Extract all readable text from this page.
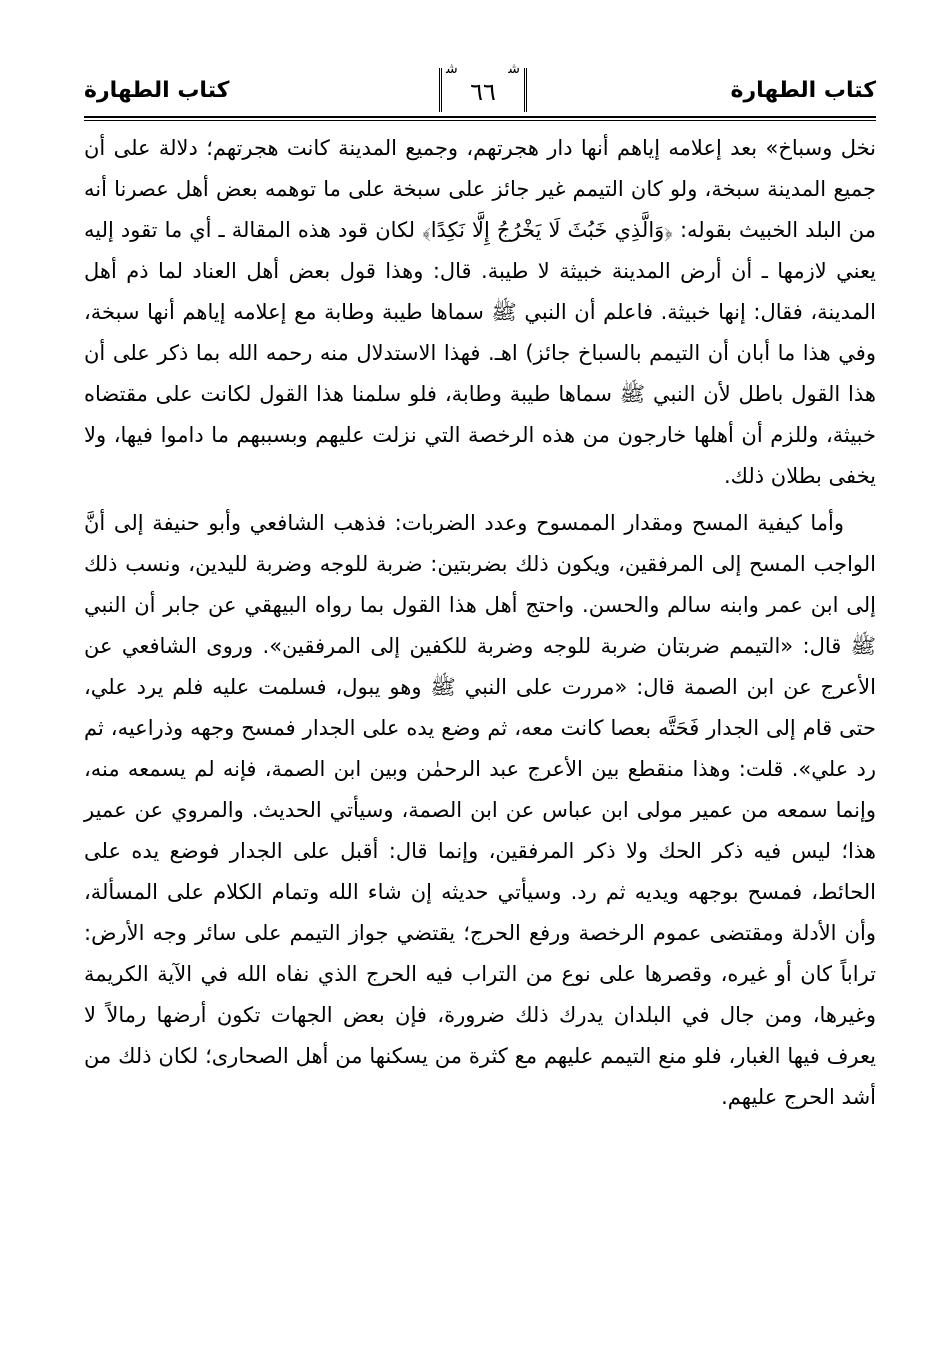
كتاب الطهارة
ﺷ	ﺷ
٦٦
كتاب الطهارة

نخل وسباخ» بعد إعلامه إياهم أنها دار هجرتهم، وجميع المدينة كانت هجرتهم؛ دلالة على أن جميع المدينة سبخة، ولو كان التيمم غير جائز على سبخة على ما توهمه بعض أهل عصرنا أنه من البلد الخبيث بقوله: ﴿وَالَّذِي خَبُثَ لَا يَخْرُجُ إِلَّا نَكِدًا﴾ لكان قود هذه المقالة ـ أي ما تقود إليه يعني لازمها ـ أن أرض المدينة خبيثة لا طيبة. قال: وهذا قول بعض أهل العناد لما ذم أهل المدينة، فقال: إنها خبيثة. فاعلم أن النبي ﷺ سماها طيبة وطابة مع إعلامه إياهم أنها سبخة، وفي هذا ما أبان أن التيمم بالسباخ جائز) اهـ. فهذا الاستدلال منه رحمه الله بما ذكر على أن هذا القول باطل لأن النبي ﷺ سماها طيبة وطابة، فلو سلمنا هذا القول لكانت على مقتضاه خبيثة، وللزم أن أهلها خارجون من هذه الرخصة التي نزلت عليهم وبسببهم ما داموا فيها، ولا يخفى بطلان ذلك.

وأما كيفية المسح ومقدار الممسوح وعدد الضربات: فذهب الشافعي وأبو حنيفة إلى أنَّ الواجب المسح إلى المرفقين، ويكون ذلك بضربتين: ضربة للوجه وضربة لليدين، ونسب ذلك إلى ابن عمر وابنه سالم والحسن. واحتج أهل هذا القول بما رواه البيهقي عن جابر أن النبي ﷺ قال: «التيمم ضربتان ضربة للوجه وضربة للكفين إلى المرفقين». وروى الشافعي عن الأعرج عن ابن الصمة قال: «مررت على النبي ﷺ وهو يبول، فسلمت عليه فلم يرد علي، حتى قام إلى الجدار فَحَتَّه بعصا كانت معه، ثم وضع يده على الجدار فمسح وجهه وذراعيه، ثم رد علي». قلت: وهذا منقطع بين الأعرج عبد الرحمٰن وبين ابن الصمة، فإنه لم يسمعه منه، وإنما سمعه من عمير مولى ابن عباس عن ابن الصمة، وسيأتي الحديث. والمروي عن عمير هذا؛ ليس فيه ذكر الحك ولا ذكر المرفقين، وإنما قال: أقبل على الجدار فوضع يده على الحائط، فمسح بوجهه ويديه ثم رد. وسيأتي حديثه إن شاء الله وتمام الكلام على المسألة، وأن الأدلة ومقتضى عموم الرخصة ورفع الحرج؛ يقتضي جواز التيمم على سائر وجه الأرض: تراباً كان أو غيره، وقصرها على نوع من التراب فيه الحرج الذي نفاه الله في الآية الكريمة وغيرها، ومن جال في البلدان يدرك ذلك ضرورة، فإن بعض الجهات تكون أرضها رمالاً لا يعرف فيها الغبار، فلو منع التيمم عليهم مع كثرة من يسكنها من أهل الصحارى؛ لكان ذلك من أشد الحرج عليهم.
